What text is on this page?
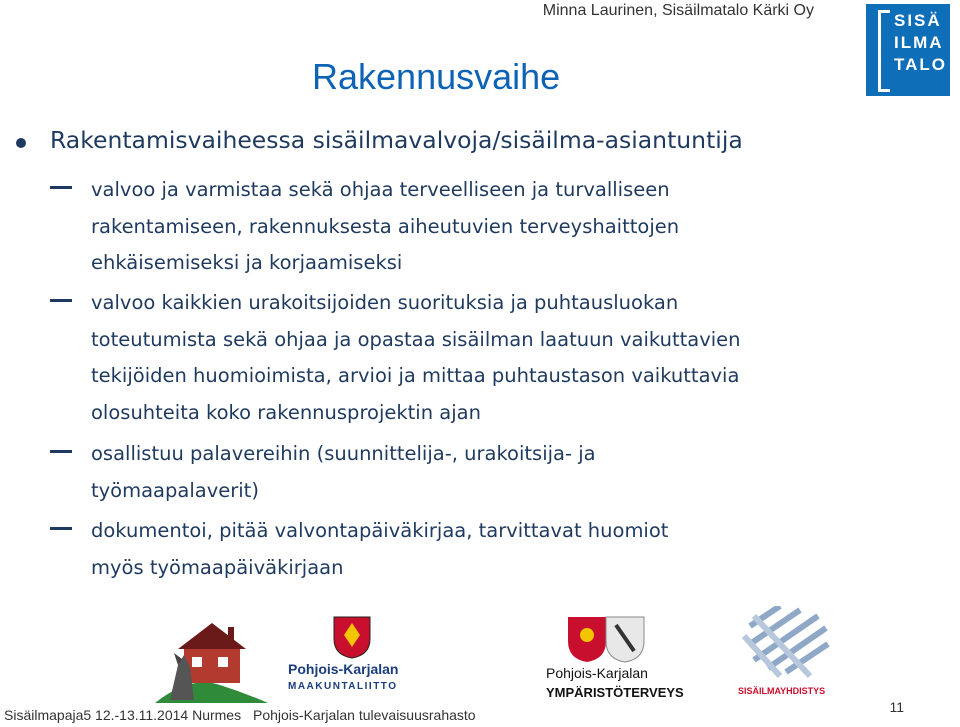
Minna Laurinen, Sisäilmatalo Kärki Oy
SISÄ
ILMA
TALO
Rakennusvaihe
Rakentamisvaiheessa sisäilmavalvoja/sisäilma-asiantuntija
valvoo ja varmistaa sekä ohjaa terveelliseen ja turvalliseen
rakentamiseen, rakennuksesta aiheutuvien terveyshaittojen
ehkäisemiseksi ja korjaamiseksi
valvoo kaikkien urakoitsijoiden suorituksia ja puhtausluokan
toteutumista sekä ohjaa ja opastaa sisäilman laatuun vaikuttavien
tekijöiden huomioimista, arvioi ja mittaa puhtaustason vaikuttavia
olosuhteita koko rakennusprojektin ajan
osallistuu palavereihin (suunnittelija-, urakoitsija- ja
työmaapalaverit)
dokumentoi, pitää valvontapäiväkirjaa, tarvittavat huomiot
myös työmaapäiväkirjaan
Pohjois-Karjalan
MAAKUNTALIITTO
Pohjois-Karjalan
YMPÄRISTÖTERVEYS	SISÄILMAYHDISTYS
Sisäilmapaja5 12.-13.11.2014 Nurmes Pohjois-Karjalan tulevaisuusrahasto	11
